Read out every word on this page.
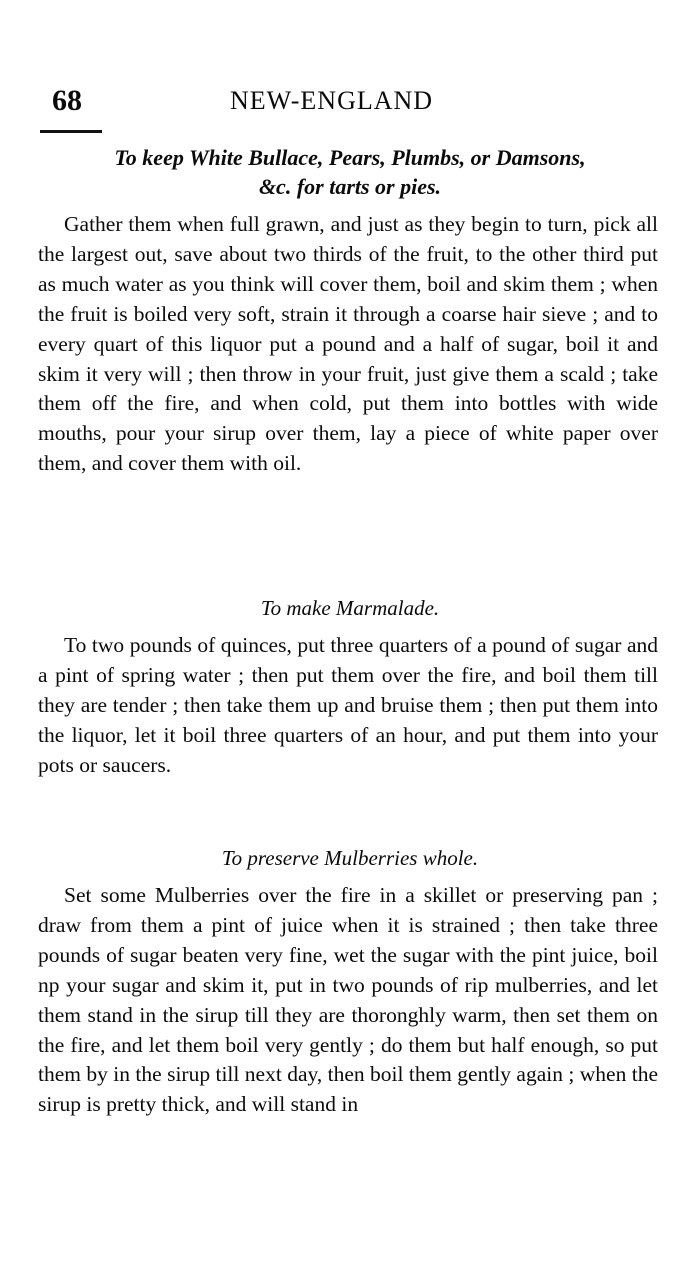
68	NEW-ENGLAND
To keep White Bullace, Pears, Plumbs, or Damsons,
&c. for tarts or pies.
Gather them when full grawn, and just as they begin to turn, pick all the largest out, save about two thirds of the fruit, to the other third put as much water as you think will cover them, boil and skim them ; when the fruit is boiled very soft, strain it through a coarse hair sieve ; and to every quart of this liquor put a pound and a half of sugar, boil it and skim it very will ; then throw in your fruit, just give them a scald ; take them off the fire, and when cold, put them into bottles with wide mouths, pour your sirup over them, lay a piece of white paper over them, and cover them with oil.
To make Marmalade.
To two pounds of quinces, put three quarters of a pound of sugar and a pint of spring water ; then put them over the fire, and boil them till they are tender ; then take them up and bruise them ; then put them into the liquor, let it boil three quarters of an hour, and put them into your pots or saucers.
To preserve Mulberries whole.
Set some Mulberries over the fire in a skillet or preserving pan ; draw from them a pint of juice when it is strained ; then take three pounds of sugar beaten very fine, wet the sugar with the pint juice, boil np your sugar and skim it, put in two pounds of rip mulberries, and let them stand in the sirup till they are thoronghly warm, then set them on the fire, and let them boil very gently ; do them but half enough, so put them by in the sirup till next day, then boil them gently again ; when the sirup is pretty thick, and will stand in
